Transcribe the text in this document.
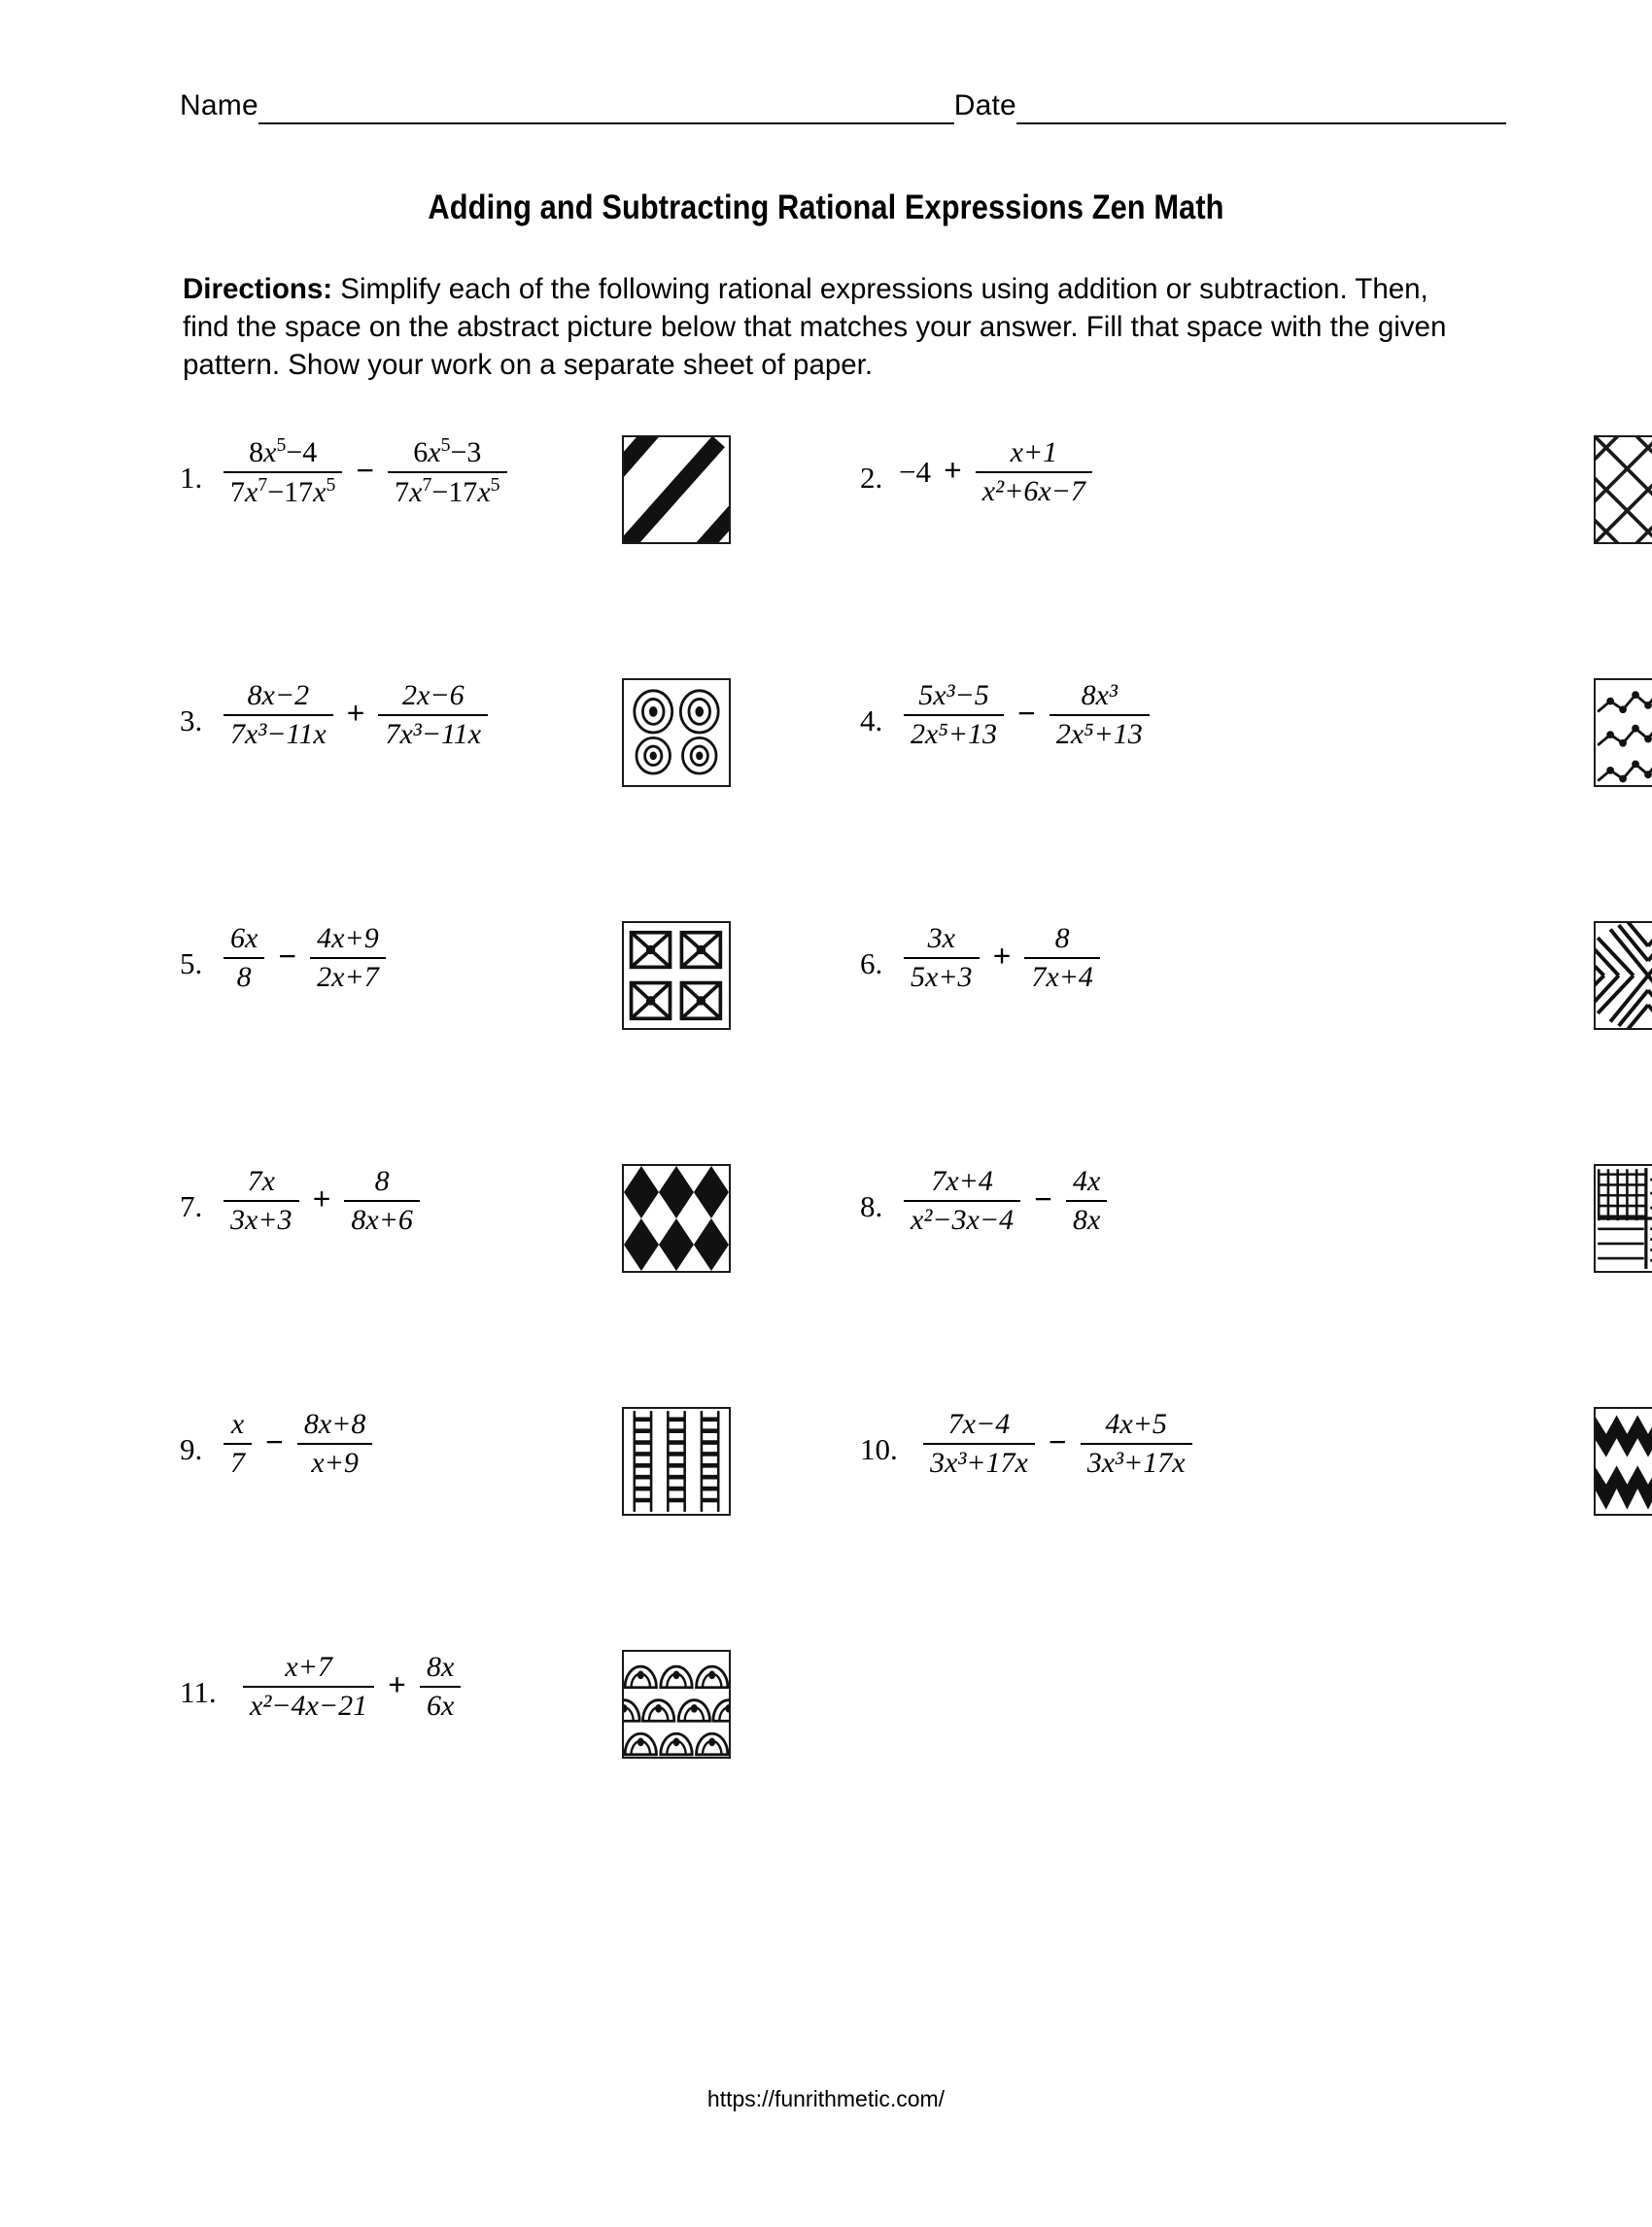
Name	Date
Adding and Subtracting Rational Expressions Zen Math
Directions: Simplify each of the following rational expressions using addition or subtraction. Then, find the space on the abstract picture below that matches your answer. Fill that space with the given pattern. Show your work on a separate sheet of paper.
1. $\frac{8x^5-4}{7x^7-17x^5} - \frac{6x^5-3}{7x^7-17x^5}$	2. $-4 + \frac{x+1}{\text{x²+6x−7}}$
3. $\frac{8x-2}{\text{7x³−11x}} + \frac{2x-6}{\text{7x³−11x}}$	4. $\frac{\text{5x³−5}}{\text{2x⁵+13}} - \frac{\text{8x³}}{\text{2x⁵+13}}$
5. $\frac{6x}{8} - \frac{4x+9}{2x+7}$	6. $\frac{3x}{5x+3} + \frac{8}{7x+4}$
7. $\frac{7x}{3x+3} + \frac{8}{8x+6}$	8. $\frac{7x+4}{\text{x²−3x−4}} - \frac{4x}{8x}$
9. $\frac{x}{7} - \frac{8x+8}{x+9}$	10. $\frac{7x-4}{\text{3x³+17x}} - \frac{4x+5}{\text{3x³+17x}}$
11. $\frac{x+7}{\text{x²−4x−21}} + \frac{8x}{6x}$
https://funrithmetic.com/
